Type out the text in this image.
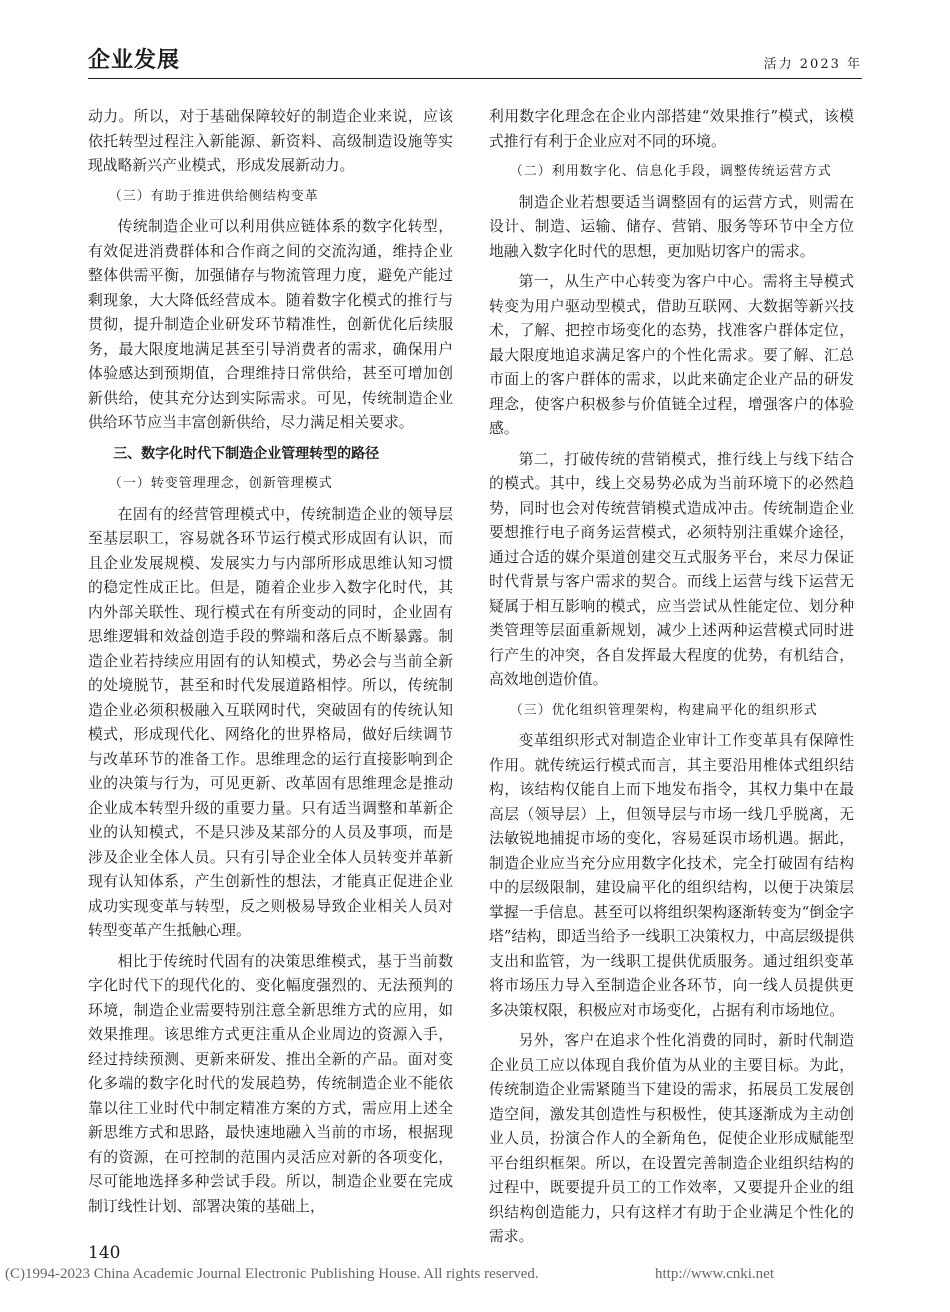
企业发展	活力 2023 年

动力。所以，对于基础保障较好的制造企业来说，应该依托转型过程注入新能源、新资料、高级制造设施等实现战略新兴产业模式，形成发展新动力。

（三）有助于推进供给侧结构变革

传统制造企业可以利用供应链体系的数字化转型，有效促进消费群体和合作商之间的交流沟通，维持企业整体供需平衡，加强储存与物流管理力度，避免产能过剩现象，大大降低经营成本。随着数字化模式的推行与贯彻，提升制造企业研发环节精准性，创新优化后续服务，最大限度地满足甚至引导消费者的需求，确保用户体验感达到预期值，合理维持日常供给，甚至可增加创新供给，使其充分达到实际需求。可见，传统制造企业供给环节应当丰富创新供给，尽力满足相关要求。

三、数字化时代下制造企业管理转型的路径
（一）转变管理理念，创新管理模式

在固有的经营管理模式中，传统制造企业的领导层至基层职工，容易就各环节运行模式形成固有认识，而且企业发展规模、发展实力与内部所形成思维认知习惯的稳定性成正比。但是，随着企业步入数字化时代，其内外部关联性、现行模式在有所变动的同时，企业固有思维逻辑和效益创造手段的弊端和落后点不断暴露。制造企业若持续应用固有的认知模式，势必会与当前全新的处境脱节，甚至和时代发展道路相悖。所以，传统制造企业必须积极融入互联网时代，突破固有的传统认知模式，形成现代化、网络化的世界格局，做好后续调节与改革环节的准备工作。思维理念的运行直接影响到企业的决策与行为，可见更新、改革固有思维理念是推动企业成本转型升级的重要力量。只有适当调整和革新企业的认知模式，不是只涉及某部分的人员及事项，而是涉及企业全体人员。只有引导企业全体人员转变并革新现有认知体系，产生创新性的想法，才能真正促进企业成功实现变革与转型，反之则极易导致企业相关人员对转型变革产生抵触心理。

相比于传统时代固有的决策思维模式，基于当前数字化时代下的现代化的、变化幅度强烈的、无法预判的环境，制造企业需要特别注意全新思维方式的应用，如效果推理。该思维方式更注重从企业周边的资源入手，经过持续预测、更新来研发、推出全新的产品。面对变化多端的数字化时代的发展趋势，传统制造企业不能依靠以往工业时代中制定精准方案的方式，需应用上述全新思维方式和思路，最快速地融入当前的市场，根据现有的资源，在可控制的范围内灵活应对新的各项变化，尽可能地选择多种尝试手段。所以，制造企业要在完成制订线性计划、部署决策的基础上，

利用数字化理念在企业内部搭建“效果推行”模式，该模式推行有利于企业应对不同的环境。

（二）利用数字化、信息化手段，调整传统运营方式

制造企业若想要适当调整固有的运营方式，则需在设计、制造、运输、储存、营销、服务等环节中全方位地融入数字化时代的思想，更加贴切客户的需求。

第一，从生产中心转变为客户中心。需将主导模式转变为用户驱动型模式，借助互联网、大数据等新兴技术，了解、把控市场变化的态势，找准客户群体定位，最大限度地追求满足客户的个性化需求。要了解、汇总市面上的客户群体的需求，以此来确定企业产品的研发理念，使客户积极参与价值链全过程，增强客户的体验感。

第二，打破传统的营销模式，推行线上与线下结合的模式。其中，线上交易势必成为当前环境下的必然趋势，同时也会对传统营销模式造成冲击。传统制造企业要想推行电子商务运营模式，必须特别注重媒介途径，通过合适的媒介渠道创建交互式服务平台，来尽力保证时代背景与客户需求的契合。而线上运营与线下运营无疑属于相互影响的模式，应当尝试从性能定位、划分种类管理等层面重新规划，减少上述两种运营模式同时进行产生的冲突，各自发挥最大程度的优势，有机结合，高效地创造价值。

（三）优化组织管理架构，构建扁平化的组织形式

变革组织形式对制造企业审计工作变革具有保障性作用。就传统运行模式而言，其主要沿用椎体式组织结构，该结构仅能自上而下地发布指令，其权力集中在最高层（领导层）上，但领导层与市场一线几乎脱离，无法敏锐地捕捉市场的变化，容易延误市场机遇。据此，制造企业应当充分应用数字化技术，完全打破固有结构中的层级限制，建设扁平化的组织结构，以便于决策层掌握一手信息。甚至可以将组织架构逐渐转变为“倒金字塔”结构，即适当给予一线职工决策权力，中高层级提供支出和监管，为一线职工提供优质服务。通过组织变革将市场压力导入至制造企业各环节，向一线人员提供更多决策权限，积极应对市场变化，占据有利市场地位。

另外，客户在追求个性化消费的同时，新时代制造企业员工应以体现自我价值为从业的主要目标。为此，传统制造企业需紧随当下建设的需求，拓展员工发展创造空间，激发其创造性与积极性，使其逐渐成为主动创业人员，扮演合作人的全新角色，促使企业形成赋能型平台组织框架。所以，在设置完善制造企业组织结构的过程中，既要提升员工的工作效率，又要提升企业的组织结构创造能力，只有这样才有助于企业满足个性化的需求。

140
(C)1994-2023 China Academic Journal Electronic Publishing House. All rights reserved.	http://www.cnki.net
